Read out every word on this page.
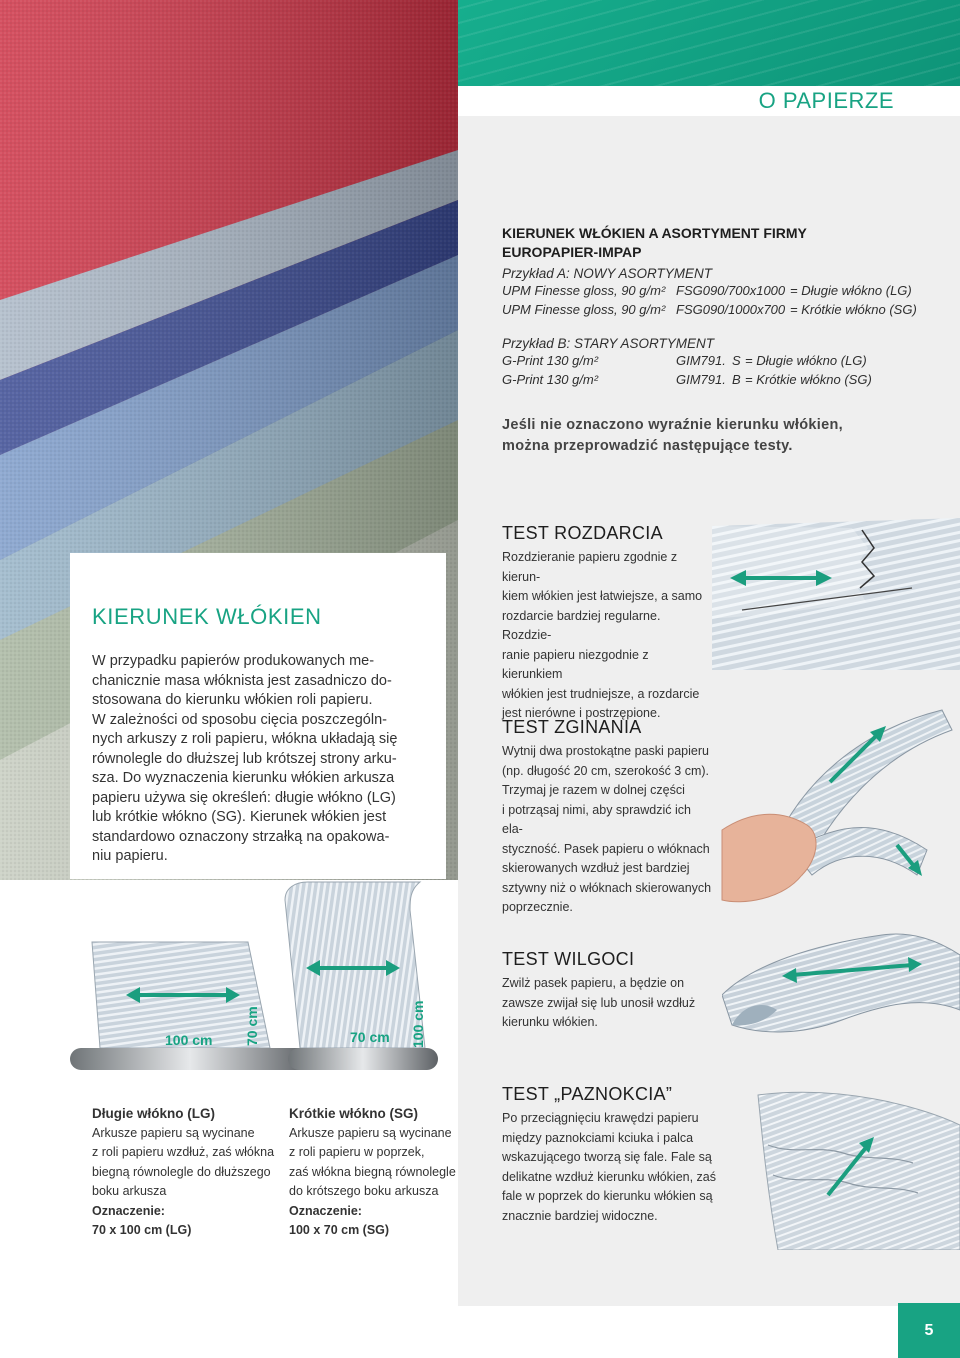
O PAPIERZE
KIERUNEK WŁÓKIEN
W przypadku papierów produkowanych me-
chanicznie masa włóknista jest zasadniczo do-
stosowana do kierunku włókien roli papieru.
W zależności od sposobu cięcia poszczególn-
nych arkuszy z roli papieru, włókna układają się
równolegle do dłuższej lub krótszej strony arku-
sza. Do wyznaczenia kierunku włókien arkusza
papieru używa się określeń: długie włókno (LG)
lub krótkie włókno (SG). Kierunek włókien jest
standardowo oznaczony strzałką na opakowa-
niu papieru.
KIERUNEK WŁÓKIEN A ASORTYMENT FIRMY
EUROPAPIER-IMPAP
Przykład A: NOWY ASORTYMENT
UPM Finesse gloss, 90 g/m² FSG090/700x1000 = Długie włókno (LG)
UPM Finesse gloss, 90 g/m² FSG090/1000x700 = Krótkie włókno (SG)
Przykład B: STARY ASORTYMENT
G-Print 130 g/m²	GIM791. S = Długie włókno (LG)
G-Print 130 g/m²	GIM791. B = Krótkie włókno (SG)
Jeśli nie oznaczono wyraźnie kierunku włókien,
można przeprowadzić następujące testy.
TEST ROZDARCIA
Rozdzieranie papieru zgodnie z kierun-
kiem włókien jest łatwiejsze, a samo
rozdarcie bardziej regularne. Rozdzie-
ranie papieru niezgodnie z kierunkiem
włókien jest trudniejsze, a rozdarcie
jest nierówne i postrzępione.
TEST ZGINANIA
Wytnij dwa prostokątne paski papieru
(np. długość 20 cm, szerokość 3 cm).
Trzymaj je razem w dolnej części
i potrząsaj nimi, aby sprawdzić ich ela-
styczność. Pasek papieru o włóknach
skierowanych wzdłuż jest bardziej
sztywny niż o włóknach skierowanych
poprzecznie.
TEST WILGOCI
Zwilż pasek papieru, a będzie on
zawsze zwijał się lub unosił wzdłuż
kierunku włókien.
TEST „PAZNOKCIA”
Po przeciągnięciu krawędzi papieru
między paznokciami kciuka i palca
wskazującego tworzą się fale. Fale są
delikatne wzdłuż kierunku włókien, zaś
fale w poprzek do kierunku włókien są
znacznie bardziej widoczne.
100 cm 70 cm	70 cm 100 cm
Długie włókno (LG)
Arkusze papieru są wycinane
z roli papieru wzdłuż, zaś włókna
biegną równolegle do dłuższego
boku arkusza
Oznaczenie:
70 x 100 cm (LG)
Krótkie włókno (SG)
Arkusze papieru są wycinane
z roli papieru w poprzek,
zaś włókna biegną równolegle
do krótszego boku arkusza
Oznaczenie:
100 x 70 cm (SG)
5
